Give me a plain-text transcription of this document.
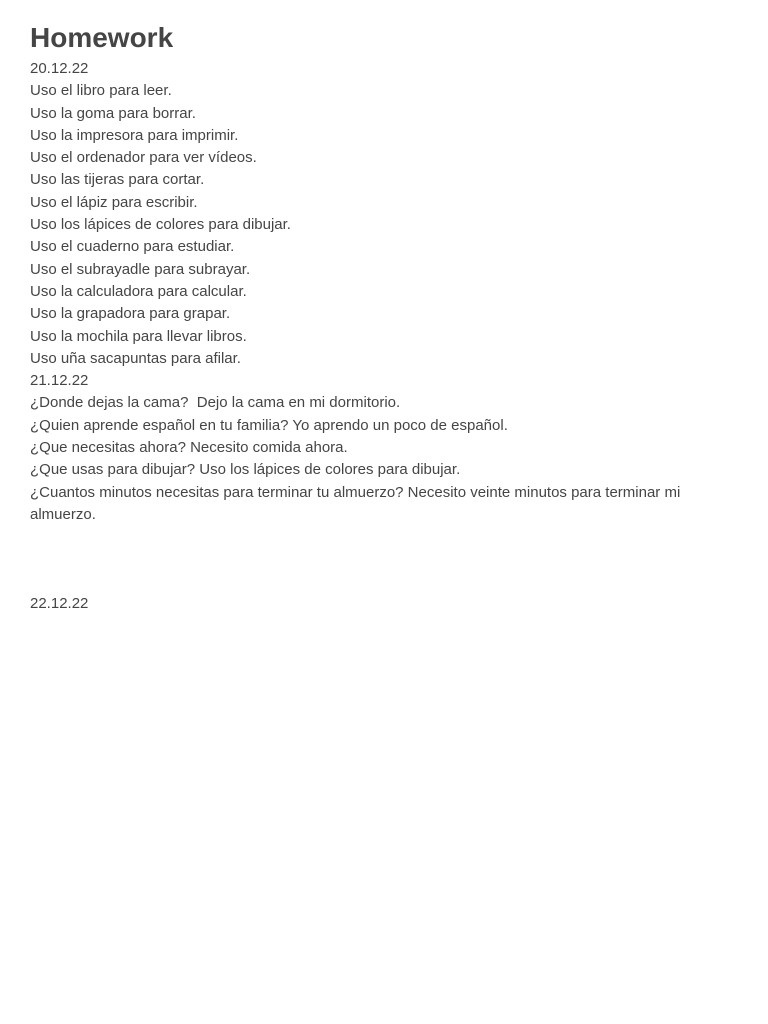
Homework
20.12.22
Uso el libro para leer.
Uso la goma para borrar.
Uso la impresora para imprimir.
Uso el ordenador para ver vídeos.
Uso las tijeras para cortar.
Uso el lápiz para escribir.
Uso los lápices de colores para dibujar.
Uso el cuaderno para estudiar.
Uso el subrayadle para subrayar.
Uso la calculadora para calcular.
Uso la grapadora para grapar.
Uso la mochila para llevar libros.
Uso uña sacapuntas para afilar.
21.12.22
¿Donde dejas la cama?  Dejo la cama en mi dormitorio.
¿Quien aprende español en tu familia? Yo aprendo un poco de español.
¿Que necesitas ahora? Necesito comida ahora.
¿Que usas para dibujar? Uso los lápices de colores para dibujar.
¿Cuantos minutos necesitas para terminar tu almuerzo? Necesito veinte minutos para terminar mi almuerzo.
22.12.22
